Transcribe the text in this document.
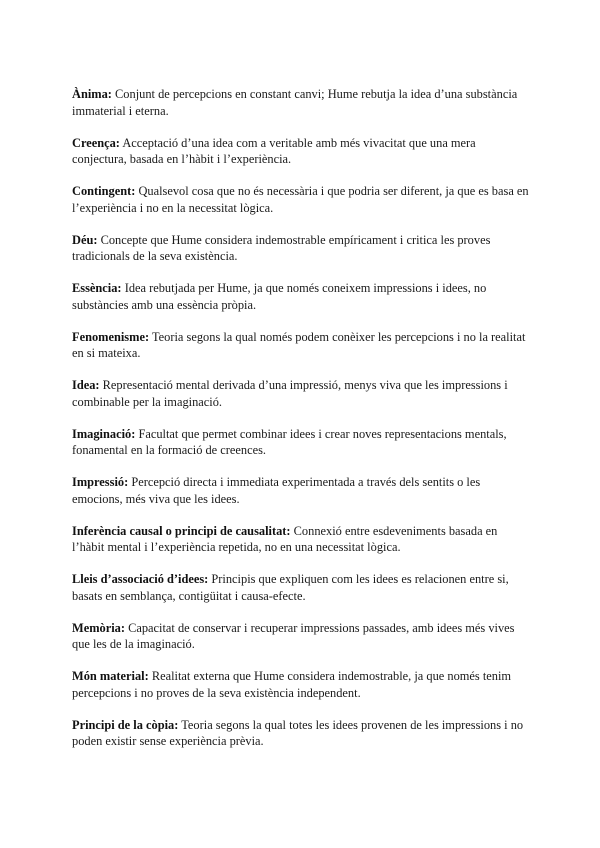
Ànima: Conjunt de percepcions en constant canvi; Hume rebutja la idea d’una substància immaterial i eterna.

Creença: Acceptació d’una idea com a veritable amb més vivacitat que una mera conjectura, basada en l’hàbit i l’experiència.

Contingent: Qualsevol cosa que no és necessària i que podria ser diferent, ja que es basa en l’experiència i no en la necessitat lògica.

Déu: Concepte que Hume considera indemostrable empíricament i critica les proves tradicionals de la seva existència.

Essència: Idea rebutjada per Hume, ja que només coneixem impressions i idees, no substàncies amb una essència pròpia.

Fenomenisme: Teoria segons la qual només podem conèixer les percepcions i no la realitat en si mateixa.

Idea: Representació mental derivada d’una impressió, menys viva que les impressions i combinable per la imaginació.

Imaginació: Facultat que permet combinar idees i crear noves representacions mentals, fonamental en la formació de creences.

Impressió: Percepció directa i immediata experimentada a través dels sentits o les emocions, més viva que les idees.

Inferència causal o principi de causalitat: Connexió entre esdeveniments basada en l’hàbit mental i l’experiència repetida, no en una necessitat lògica.

Lleis d’associació d’idees: Principis que expliquen com les idees es relacionen entre si, basats en semblança, contigüitat i causa-efecte.

Memòria: Capacitat de conservar i recuperar impressions passades, amb idees més vives que les de la imaginació.

Món material: Realitat externa que Hume considera indemostrable, ja que només tenim percepcions i no proves de la seva existència independent.

Principi de la còpia: Teoria segons la qual totes les idees provenen de les impressions i no poden existir sense experiència prèvia.
